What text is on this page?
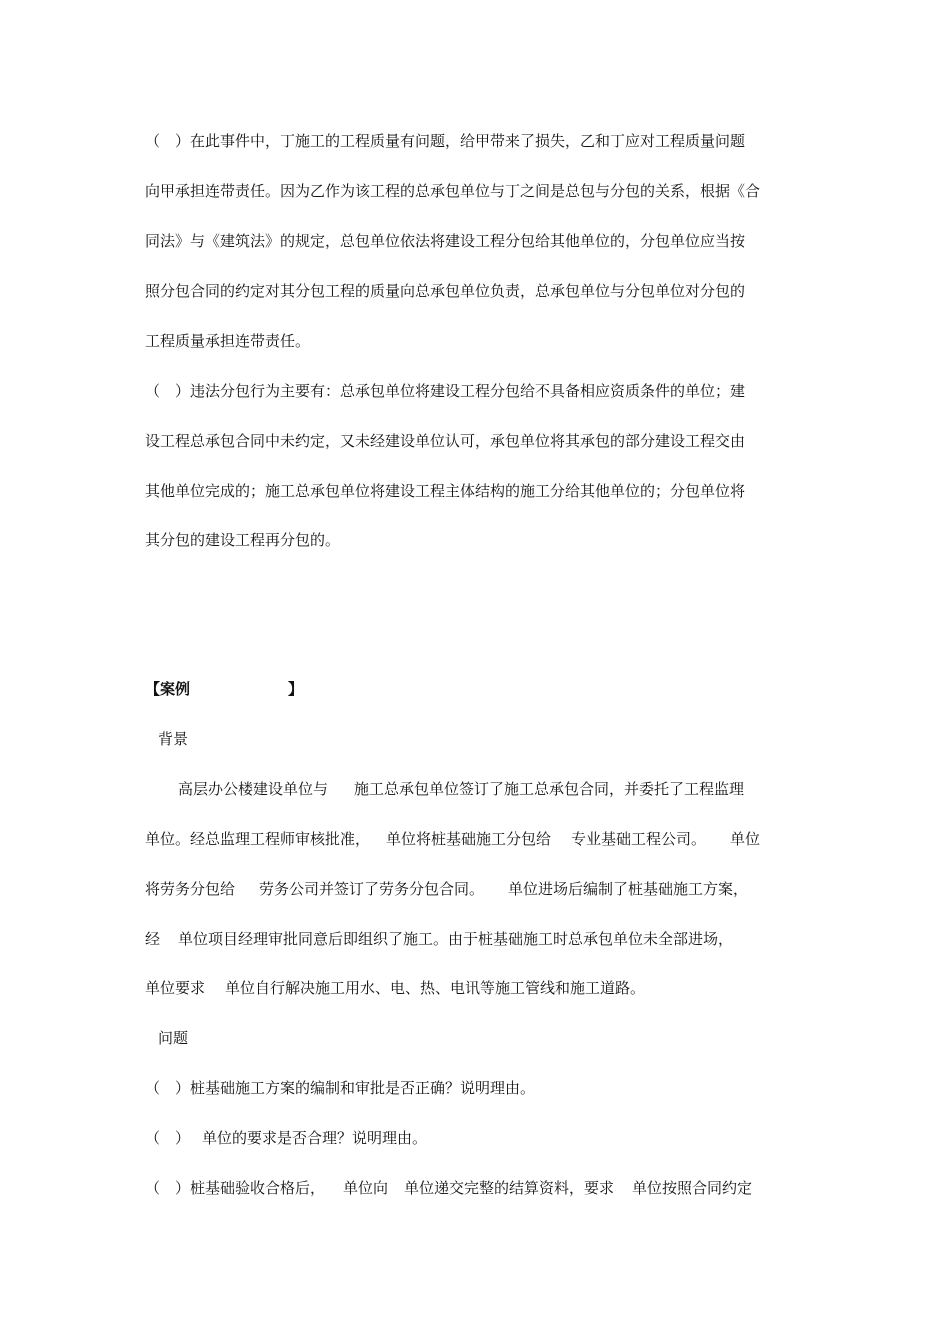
（　）在此事件中，丁施工的工程质量有问题，给甲带来了损失，乙和丁应对工程质量问题
向甲承担连带责任。因为乙作为该工程的总承包单位与丁之间是总包与分包的关系，根据《合
同法》与《建筑法》的规定，总包单位依法将建设工程分包给其他单位的，分包单位应当按
照分包合同的约定对其分包工程的质量向总承包单位负责，总承包单位与分包单位对分包的
工程质量承担连带责任。
（　）违法分包行为主要有：总承包单位将建设工程分包给不具备相应资质条件的单位；建
设工程总承包合同中未约定，又未经建设单位认可，承包单位将其承包的部分建设工程交由
其他单位完成的；施工总承包单位将建设工程主体结构的施工分给其他单位的；分包单位将
其分包的建设工程再分包的。
【案例	】
背景
高层办公楼建设单位与 施工总承包单位签订了施工总承包合同，并委托了工程监理
单位。经总监理工程师审核批准， 单位将桩基础施工分包给 专业基础工程公司。 单位
将劳务分包给 劳务公司并签订了劳务分包合同。 单位进场后编制了桩基础施工方案，
经 单位项目经理审批同意后即组织了施工。由于桩基础施工时总承包单位未全部进场，
单位要求 单位自行解决施工用水、电、热、电讯等施工管线和施工道路。
问题
（　）桩基础施工方案的编制和审批是否正确？说明理由。
（　） 单位的要求是否合理？说明理由。
（　）桩基础验收合格后， 单位向 单位递交完整的结算资料，要求 单位按照合同约定
